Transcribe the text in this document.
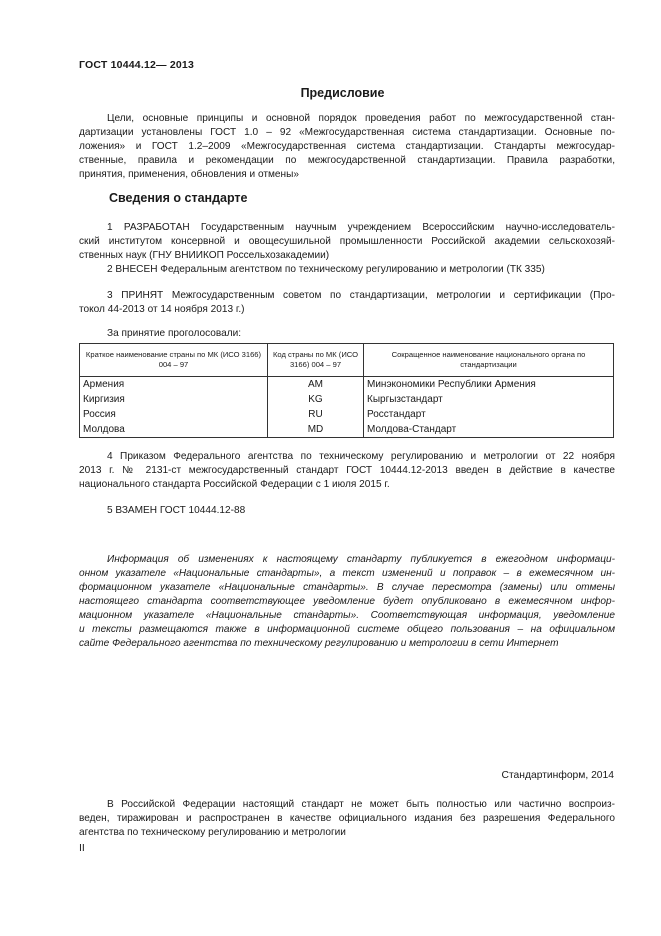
ГОСТ 10444.12— 2013
Предисловие
Цели, основные принципы и основной порядок проведения работ по межгосударственной стан-
дартизации установлены ГОСТ 1.0 – 92 «Межгосударственная система стандартизации. Основные по-
ложения» и ГОСТ 1.2–2009 «Межгосударственная система стандартизации. Стандарты межгосудар-
ственные, правила и рекомендации по межгосударственной стандартизации. Правила разработки,
принятия, применения, обновления и отмены»
Сведения о стандарте
1 РАЗРАБОТАН Государственным научным учреждением Всероссийским научно-исследователь-
ский институтом консервной и овощесушильной промышленности Российской академии сельскохозяй-
ственных наук (ГНУ ВНИИКОП Россельхозакадемии)
2 ВНЕСЕН Федеральным агентством по техническому регулированию и метрологии (ТК 335)
3 ПРИНЯТ Межгосударственным советом по стандартизации, метрологии и сертификации (Про-
токол 44-2013 от 14 ноября 2013 г.)
За принятие проголосовали:
Краткое наименование страны по МК (ИСО 3166) 004 – 97	Код страны по МК (ИСО 3166) 004 – 97	Сокращенное наименование национального органа по стандартизации
Армения	AM	Минэкономики Республики Армения
Киргизия	KG	Кыргызстандарт
Россия	RU	Росстандарт
Молдова	MD	Молдова-Стандарт
4 Приказом Федерального агентства по техническому регулированию и метрологии от 22 ноября
2013 г. № 2131-ст межгосударственный стандарт ГОСТ 10444.12-2013 введен в действие в качестве
национального стандарта Российской Федерации с 1 июля 2015 г.
5 ВЗАМЕН ГОСТ 10444.12-88
Информация об изменениях к настоящему стандарту публикуется в ежегодном информаци-
онном указателе «Национальные стандарты», а текст изменений и поправок – в ежемесячном ин-
формационном указателе «Национальные стандарты». В случае пересмотра (замены) или отмены
настоящего стандарта соответствующее уведомление будет опубликовано в ежемесячном инфор-
мационном указателе «Национальные стандарты». Соответствующая информация, уведомление
и тексты размещаются также в информационной системе общего пользования – на официальном
сайте Федерального агентства по техническому регулированию и метрологии в сети Интернет
Стандартинформ, 2014
В Российской Федерации настоящий стандарт не может быть полностью или частично воспроиз-
веден, тиражирован и распространен в качестве официального издания без разрешения Федерального
агентства по техническому регулированию и метрологии
II
